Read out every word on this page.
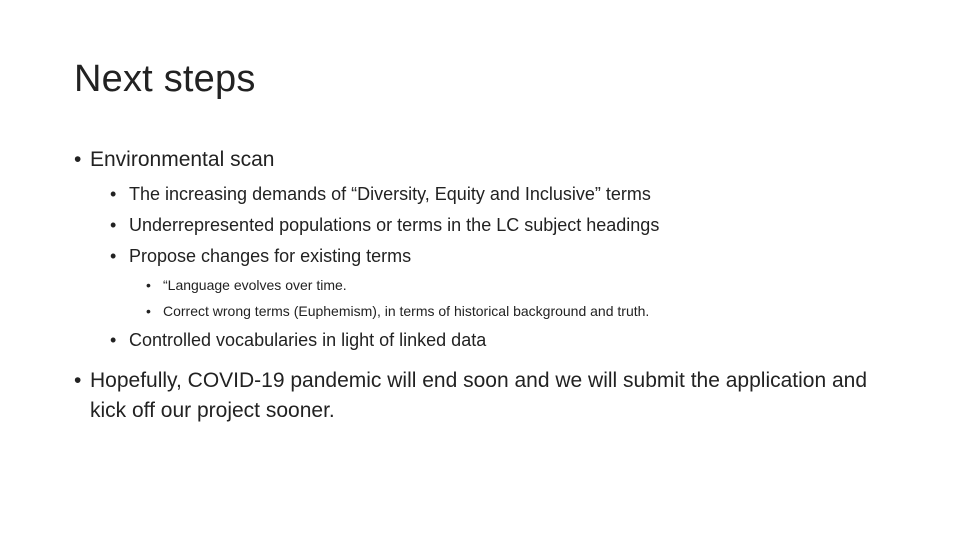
Next steps
• Environmental scan
• The increasing demands of “Diversity, Equity and Inclusive” terms
• Underrepresented populations or terms in the LC subject headings
• Propose changes for existing terms
• “Language evolves over time.
• Correct wrong terms (Euphemism), in terms of historical background and truth.
• Controlled vocabularies in light of linked data
• Hopefully, COVID-19 pandemic will end soon and we will submit the application and kick off our project sooner.
